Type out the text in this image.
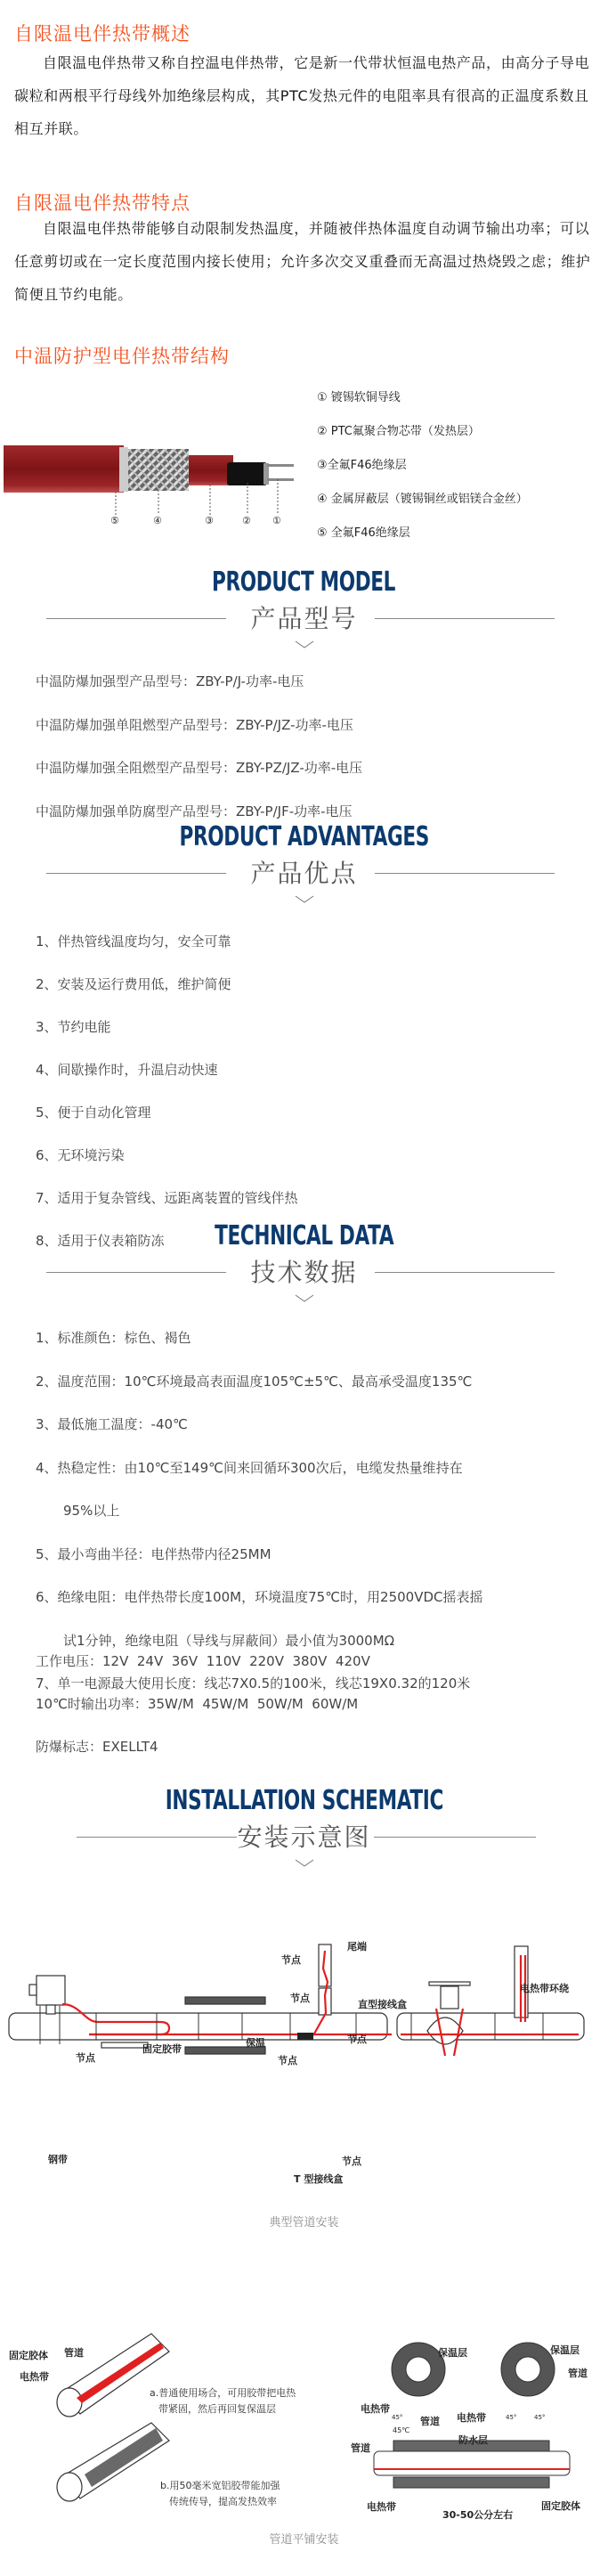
自限温电伴热带概述
自限温电伴热带又称自控温电伴热带，它是新一代带状恒温电热产品，由高分子导电碳粒和两根平行母线外加绝缘层构成，其PTC发热元件的电阻率具有很高的正温度系数且相互并联。
自限温电伴热带特点
自限温电伴热带能够自动限制发热温度，并随被伴热体温度自动调节输出功率；可以任意剪切或在一定长度范围内接长使用；允许多次交叉重叠而无高温过热烧毁之虑；维护简便且节约电能。
中温防护型电伴热带结构
⑤	④	③	② ①
① 镀锡软铜导线
② PTC氟聚合物芯带（发热层）
③全氟F46绝缘层
④ 金属屏蔽层（镀锡铜丝或铝镁合金丝）
⑤ 全氟F46绝缘层
PRODUCT MODEL
产品型号
中温防爆加强型产品型号：ZBY-P/J-功率-电压
中温防爆加强单阻燃型产品型号：ZBY-P/JZ-功率-电压
中温防爆加强全阻燃型产品型号：ZBY-PZ/JZ-功率-电压
中温防爆加强单防腐型产品型号：ZBY-P/JF-功率-电压
PRODUCT ADVANTAGES
产品优点
1、伴热管线温度均匀，安全可靠
2、安装及运行费用低，维护简便
3、节约电能
4、间歇操作时，升温启动快速
5、便于自动化管理
6、无环境污染
7、适用于复杂管线、远距离装置的管线伴热
8、适用于仪表箱防冻	TECHNICAL DATA
技术数据
1、标准颜色：棕色、褐色
2、温度范围：10℃环境最高表面温度105℃±5℃、最高承受温度135℃
3、最低施工温度：-40℃
4、热稳定性：由10℃至149℃间来回循环300次后，电缆发热量维持在
95%以上
5、最小弯曲半径：电伴热带内径25MM
6、绝缘电阻：电伴热带长度100M，环境温度75℃时，用2500VDC摇表摇
试1分钟，绝缘电阻（导线与屏蔽间）最小值为3000MΩ
7、单一电源最大使用长度：线芯7X0.5的100米，线芯19X0.32的120米
工作电压：12V  24V  36V  110V  220V  380V  420V
10℃时输出功率：35W/M  45W/M  50W/M  60W/M
防爆标志：EXELLT4
INSTALLATION SCHEMATIC
安装示意图
尾端
节点
节点
直型接线盒
节点
电热带环绕
固定胶带
保温
节点	节点
钢带	节点
T 型接线盒
典型管道安装
固定胶体 管道
电热带
a.普通使用场合，可用胶带把电热
带紧固，然后再回复保温层
b.用50毫米宽铝胶带能加强
传统传导，提高发热效率
保温层	保温层
管道
电热带
管道 电热带
45°
45℃
45°	45°
防水层
管道
电热带	固定胶体
30-50公分左右
管道平铺安装
